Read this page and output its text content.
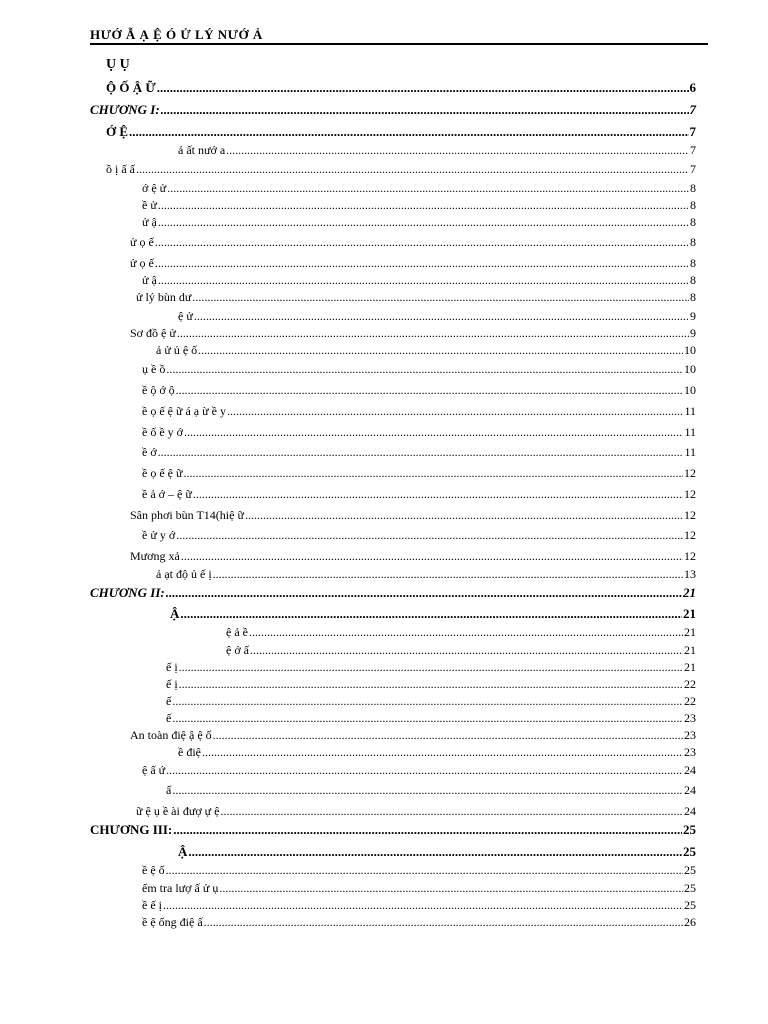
HƯỚ Ẫ Ạ Ệ Ó Ử LÝ NƯỚ Ả
Ụ Ụ
Ộ Ố Ậ Ữ .....	6
CHƯƠNG I: .....	7
Ớ Ệ .....	7
ả ất nướ a .....	7
ồ ị ấ ấ .....	7
ớ ệ ử .....	8
ề ử .....	8
ử ậ .....	8
ử ọ ế .....	8
ử ọ ế .....	8
ử ậ .....	8
ử lý bùn dư .....	8
ệ ử .....	9
Sơ đồ ệ ử .....	9
ả ử ủ ệ ố .....	10
ụ ề ồ .....	10
ề ộ ớ ộ .....	10
ề ọ ế ệ ữ á ạ ừ ề y .....	11
ề ố ề y ớ .....	11
ề ớ .....	11
ề ọ ế ệ ữ .....	12
ề ả ớ – ệ ữ .....	12
Sân phơi bùn T14(hiệ ữ .....	12
ề ử y ớ .....	12
Mương xả .....	12
ả ạt độ ủ ế ị .....	13
CHƯƠNG II: .....	21
Ậ .....	21
ệ ả ề .....	21
ệ ớ ấ .....	21
ế ị .....	21
ế ị .....	22
ế .....	22
ế .....	23
An toàn điệ ậ ệ ố .....	23
ề điệ .....	23
ệ ấ ứ .....	24
ấ .....	24
ữ ệ ụ ề ài đượ ự ệ .....	24
CHƯƠNG III: .....	25
Ậ .....	25
ề ệ ố .....	25
ểm tra lượ ấ ử ụ .....	25
ề ế ị .....	25
ề ệ ống điệ ấ .....	26
